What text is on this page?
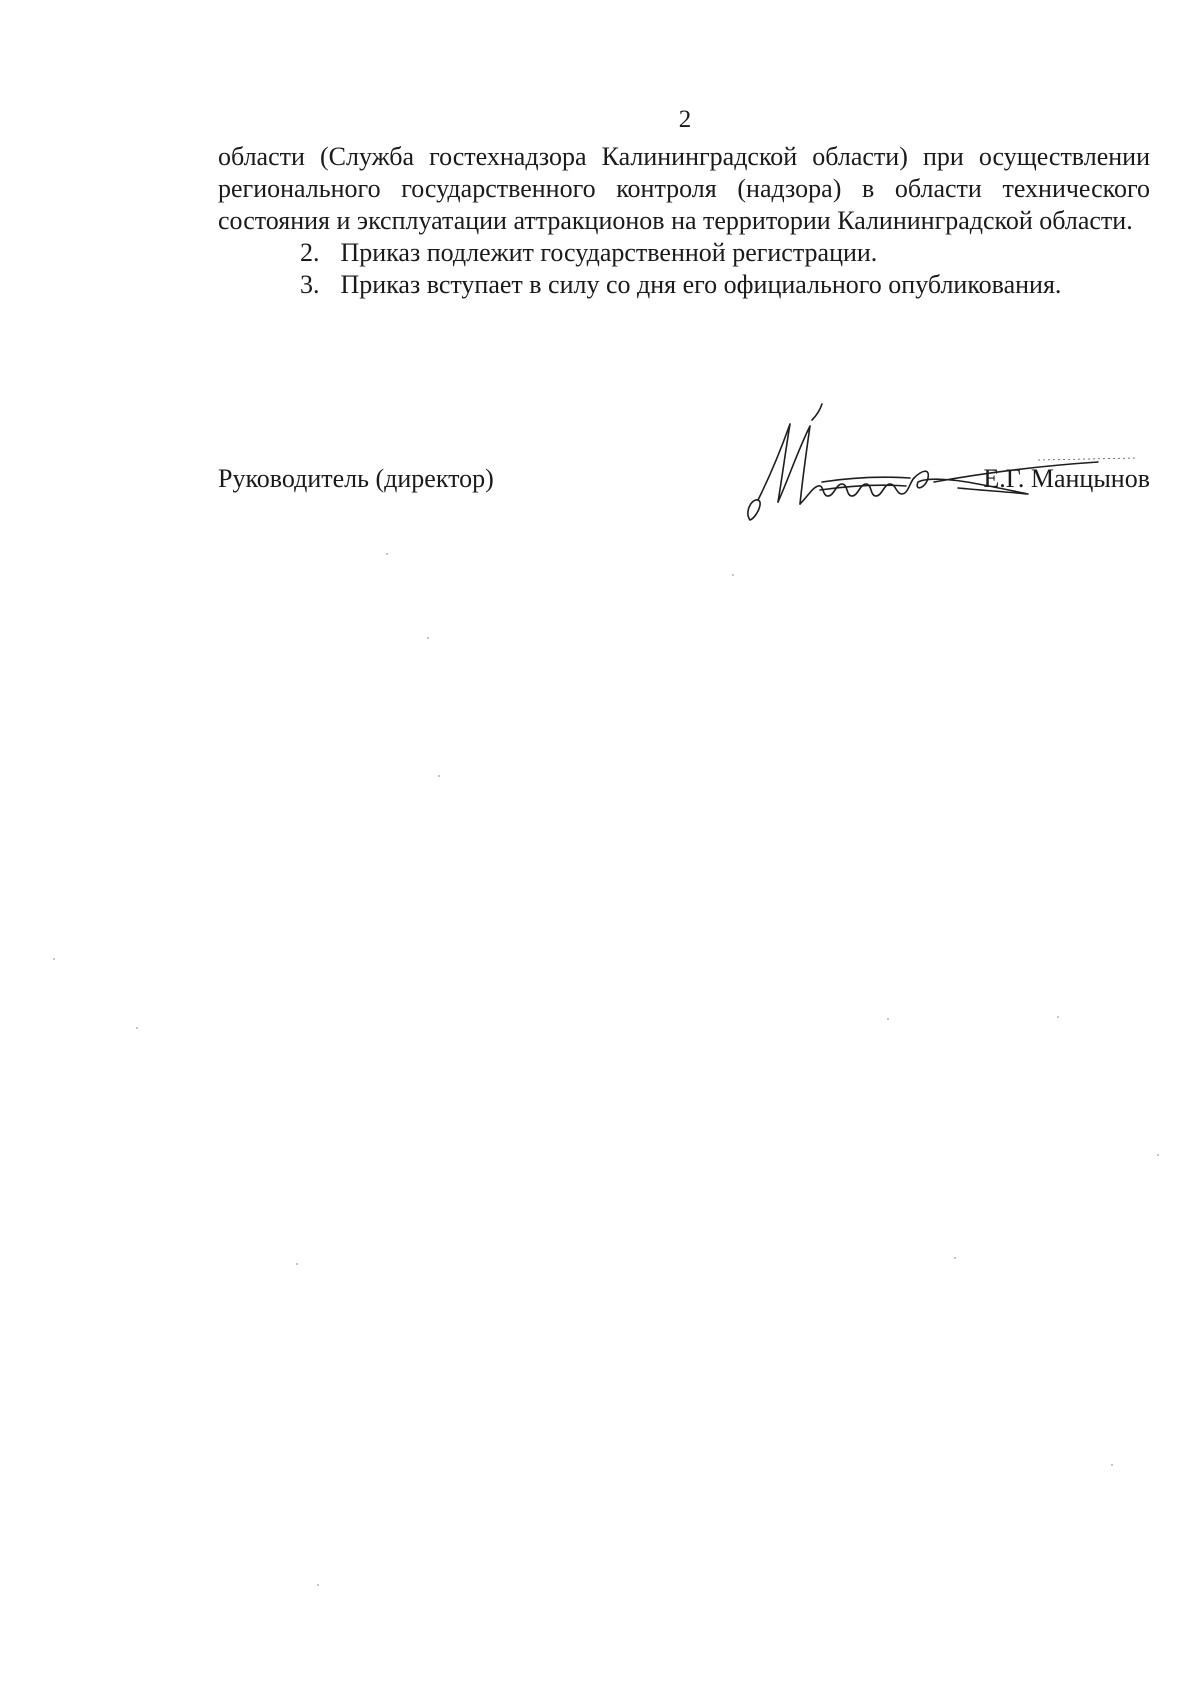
2

области (Служба гостехнадзора Калининградской области) при осуществлении регионального государственного контроля (надзора) в области технического состояния и эксплуатации аттракционов на территории Калининградской области.

2. Приказ подлежит государственной регистрации.
3. Приказ вступает в силу со дня его официального опубликования.
Руководитель (директор)	Е.Г. Манцынов
